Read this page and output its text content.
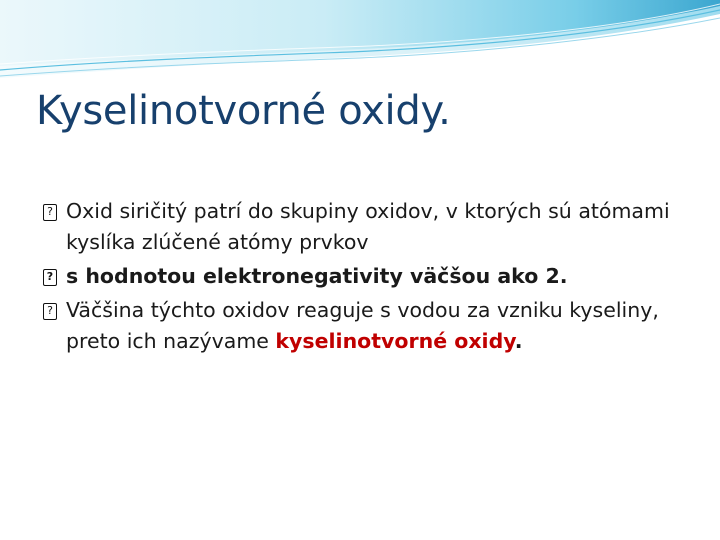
Kyselinotvorné oxidy.
? Oxid siričitý patrí do skupiny oxidov, v ktorých sú atómami kyslíka zlúčené atómy prvkov
? s hodnotou elektronegativity väčšou ako 2.
? Väčšina týchto oxidov reaguje s vodou za vzniku kyseliny, preto ich nazývame kyselinotvorné oxidy.
